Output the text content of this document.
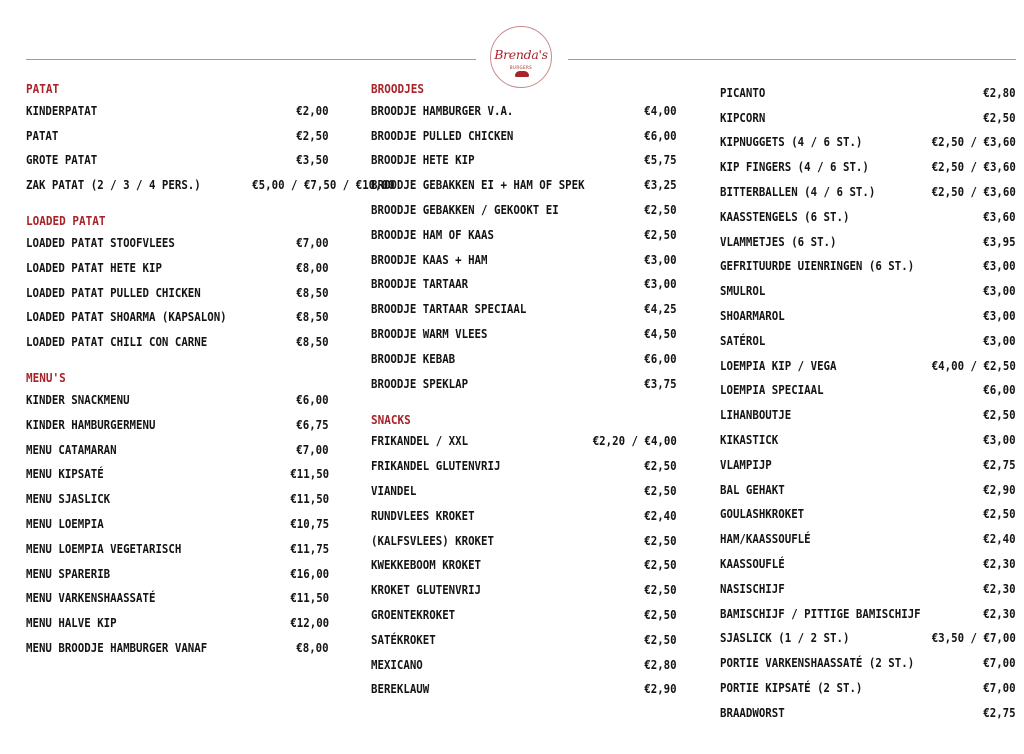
Brenda's
BURGERS
PATAT
KINDERPATAT	€2,00
PATAT	€2,50
GROTE PATAT	€3,50
ZAK PATAT (2 / 3 / 4 PERS.)	€5,00 / €7,50 / €10,00
LOADED PATAT
LOADED PATAT STOOFVLEES	€7,00
LOADED PATAT HETE KIP	€8,00
LOADED PATAT PULLED CHICKEN	€8,50
LOADED PATAT SHOARMA (KAPSALON)	€8,50
LOADED PATAT CHILI CON CARNE	€8,50
MENU'S
KINDER SNACKMENU	€6,00
KINDER HAMBURGERMENU	€6,75
MENU CATAMARAN	€7,00
MENU KIPSATÉ	€11,50
MENU SJASLICK	€11,50
MENU LOEMPIA	€10,75
MENU LOEMPIA VEGETARISCH	€11,75
MENU SPARERIB	€16,00
MENU VARKENSHAASSATÉ	€11,50
MENU HALVE KIP	€12,00
MENU BROODJE HAMBURGER VANAF	€8,00
BROODJES
BROODJE HAMBURGER V.A.	€4,00
BROODJE PULLED CHICKEN	€6,00
BROODJE HETE KIP	€5,75
BROODJE GEBAKKEN EI + HAM OF SPEK	€3,25
BROODJE GEBAKKEN / GEKOOKT EI	€2,50
BROODJE HAM OF KAAS	€2,50
BROODJE KAAS + HAM	€3,00
BROODJE TARTAAR	€3,00
BROODJE TARTAAR SPECIAAL	€4,25
BROODJE WARM VLEES	€4,50
BROODJE KEBAB	€6,00
BROODJE SPEKLAP	€3,75
SNACKS
FRIKANDEL / XXL	€2,20 / €4,00
FRIKANDEL GLUTENVRIJ	€2,50
VIANDEL	€2,50
RUNDVLEES KROKET	€2,40
(KALFSVLEES) KROKET	€2,50
KWEKKEBOOM KROKET	€2,50
KROKET GLUTENVRIJ	€2,50
GROENTEKROKET	€2,50
SATÉKROKET	€2,50
MEXICANO	€2,80
BEREKLAUW	€2,90
PICANTO	€2,80
KIPCORN	€2,50
KIPNUGGETS (4 / 6 ST.)	€2,50 / €3,60
KIP FINGERS (4 / 6 ST.)	€2,50 / €3,60
BITTERBALLEN (4 / 6 ST.)	€2,50 / €3,60
KAASSTENGELS (6 ST.)	€3,60
VLAMMETJES (6 ST.)	€3,95
GEFRITUURDE UIENRINGEN (6 ST.)	€3,00
SMULROL	€3,00
SHOARMAROL	€3,00
SATÉROL	€3,00
LOEMPIA KIP / VEGA	€4,00 / €2,50
LOEMPIA SPECIAAL	€6,00
LIHANBOUTJE	€2,50
KIKASTICK	€3,00
VLAMPIJP	€2,75
BAL GEHAKT	€2,90
GOULASHKROKET	€2,50
HAM/KAASSOUFLÉ	€2,40
KAASSOUFLÉ	€2,30
NASISCHIJF	€2,30
BAMISCHIJF / PITTIGE BAMISCHIJF	€2,30
SJASLICK (1 / 2 ST.)	€3,50 / €7,00
PORTIE VARKENSHAASSATÉ (2 ST.)	€7,00
PORTIE KIPSATÉ (2 ST.)	€7,00
BRAADWORST	€2,75
